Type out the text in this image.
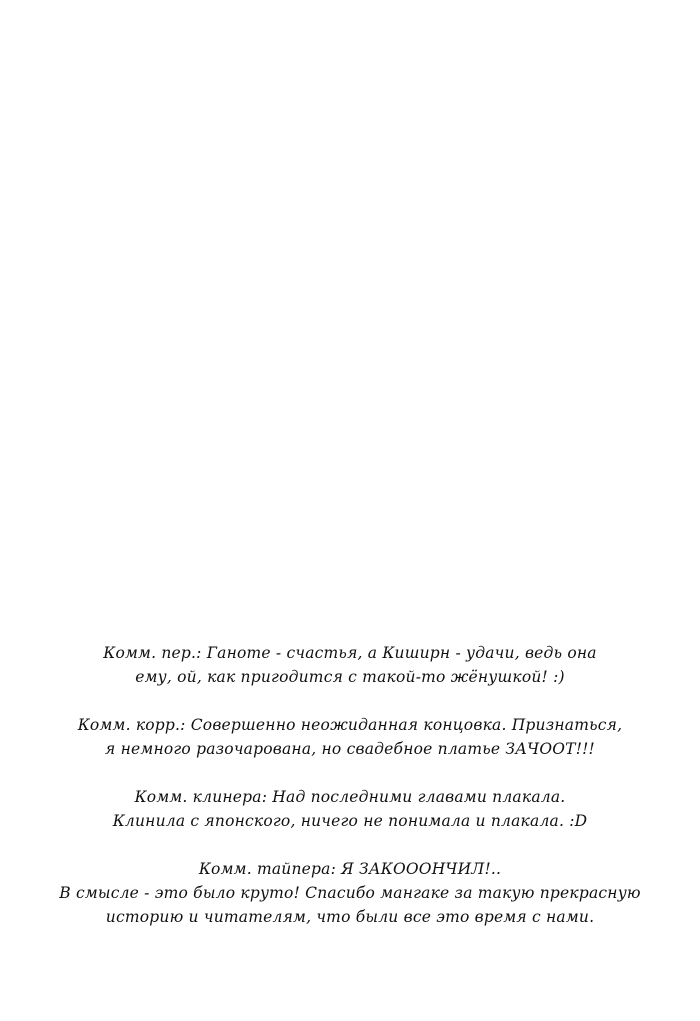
Комм. пер.: Ганоте - счастья, а Киширн - удачи, ведь она
ему, ой, как пригодится с такой-то жёнушкой! :)
Комм. корр.: Совершенно неожиданная концовка. Признаться,
я немного разочарована, но свадебное платье ЗАЧООТ!!!
Комм. клинера: Над последними главами плакала.
Клинила с японского, ничего не понимала и плакала. :D
Комм. тайпера: Я ЗАКОООНЧИЛ!..
В смысле - это было круто! Спасибо мангаке за такую прекрасную
историю и читателям, что были все это время с нами.
